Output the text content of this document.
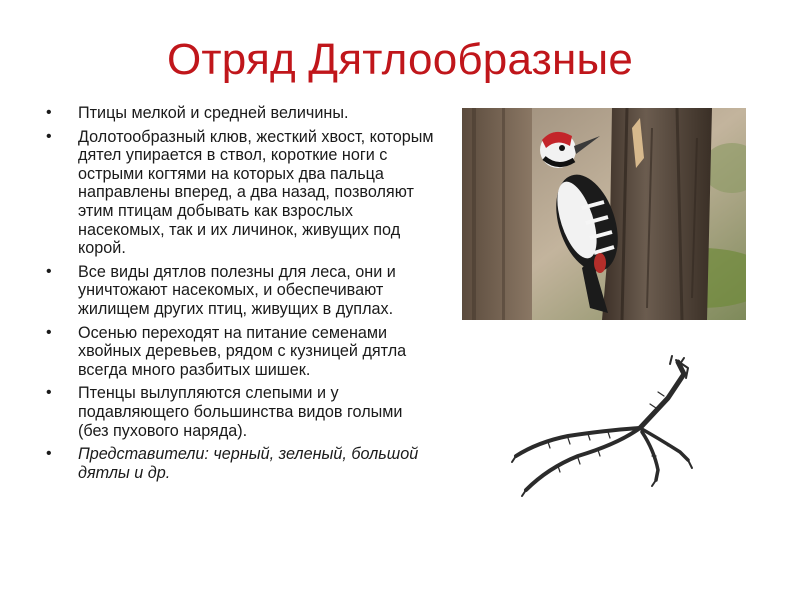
Отряд Дятлообразные
• Птицы мелкой и средней величины.
• Долотообразный клюв, жесткий хвост, которым дятел упирается в ствол, короткие ноги с острыми когтями на которых два пальца направлены вперед, а два назад, позволяют этим птицам добывать как взрослых насекомых, так и их личинок, живущих под корой.
• Все виды дятлов полезны для леса, они и уничтожают насекомых, и обеспечивают жилищем других птиц, живущих в дуплах.
• Осенью переходят на питание семенами хвойных деревьев, рядом с кузницей дятла всегда много разбитых шишек.
• Птенцы вылупляются слепыми и у подавляющего большинства видов голыми (без пухового наряда).
• Представители: черный, зеленый, большой дятлы и др.
